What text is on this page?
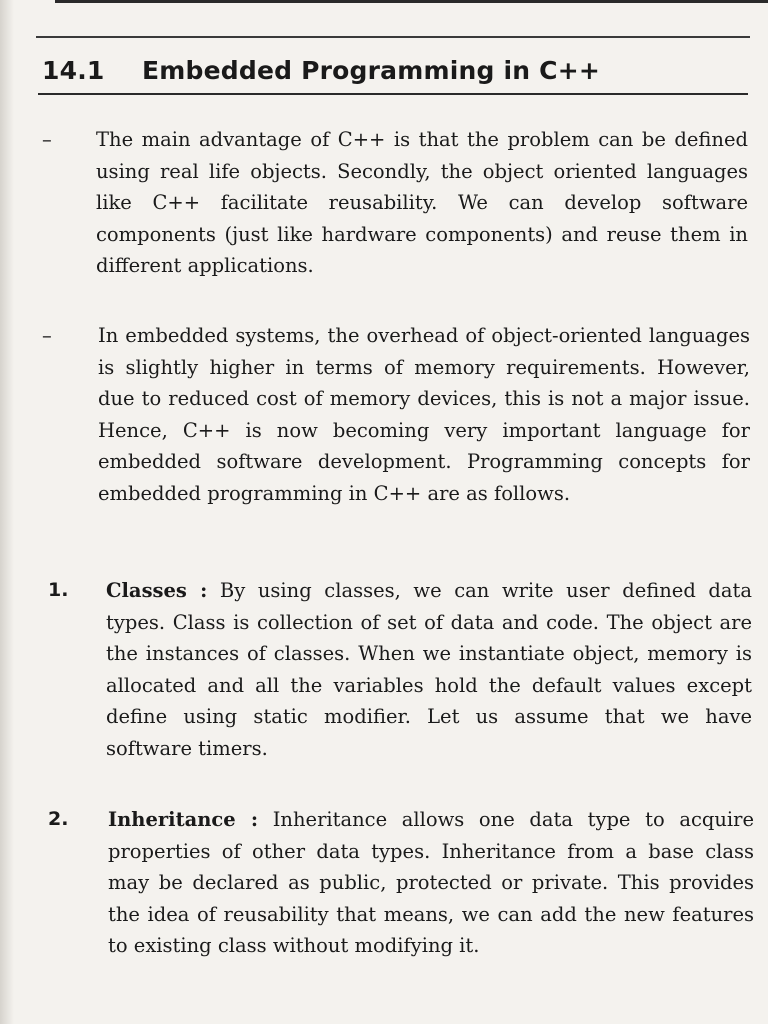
14.1 Embedded Programming in C++
– The main advantage of C++ is that the problem can be defined using real life objects. Secondly, the object oriented languages like C++ facilitate reusability. We can develop software components (just like hardware components) and reuse them in different applications.
– In embedded systems, the overhead of object-oriented languages is slightly higher in terms of memory requirements. However, due to reduced cost of memory devices, this is not a major issue. Hence, C++ is now becoming very important language for embedded software development. Programming concepts for embedded programming in C++ are as follows.
1. Classes : By using classes, we can write user defined data types. Class is collection of set of data and code. The object are the instances of classes. When we instantiate object, memory is allocated and all the variables hold the default values except define using static modifier. Let us assume that we have software timers.
2. Inheritance : Inheritance allows one data type to acquire properties of other data types. Inheritance from a base class may be declared as public, protected or private. This provides the idea of reusability that means, we can add the new features to existing class without modifying it.
